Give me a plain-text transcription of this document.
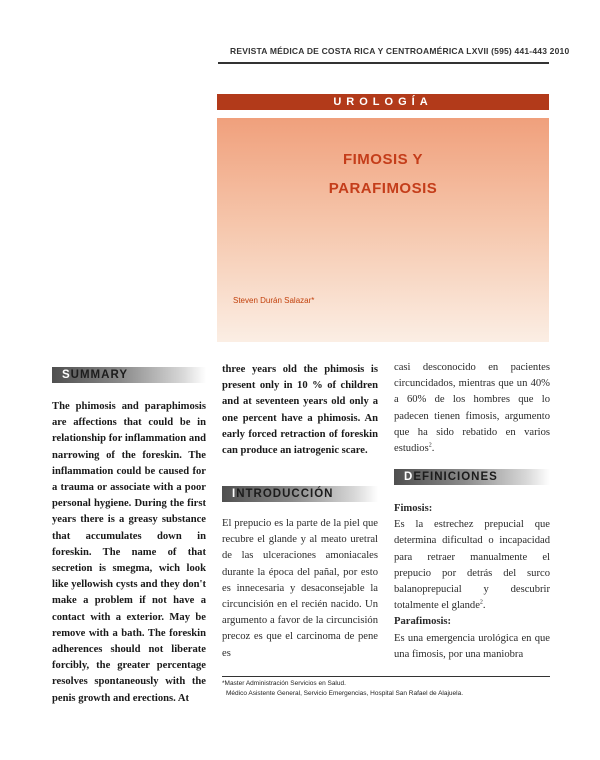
REVISTA MÉDICA DE COSTA RICA Y CENTROAMÉRICA LXVII (595) 441-443 2010
UROLOGÍA
FIMOSIS Y
PARAFIMOSIS
Steven Durán Salazar*
SUMMARY
The phimosis and paraphimosis are affections that could be in relationship for inflammation and narrowing of the foreskin. The inflammation could be caused for a trauma or associate with a poor personal hygiene. During the first years there is a greasy substance that accumulates down in foreskin. The name of that secretion is smegma, wich look like yellowish cysts and they don't make a problem if not have a contact with a exterior. May be remove with a bath. The foreskin adherences should not liberate forcibly, the greater percentage resolves spontaneously with the penis growth and erections. At
three years old the phimosis is present only in 10 % of children and at seventeen years old only a one percent have a phimosis. An early forced retraction of foreskin can produce an iatrogenic scare.
INTRODUCCIÓN
El prepucio es la parte de la piel que recubre el glande y al meato uretral de las ulceraciones amoniacales durante la época del pañal, por esto es innecesaria y desaconsejable la circuncisión en el recién nacido. Un argumento a favor de la circuncisión precoz es que el carcinoma de pene es
casi desconocido en pacientes circuncidados, mientras que un 40% a 60% de los hombres que lo padecen tienen fimosis, argumento que ha sido rebatido en varios estudios$^2$.
DEFINICIONES
Fimosis:
Es la estrechez prepucial que determina dificultad o incapacidad para retraer manualmente el prepucio por detrás del surco balanoprepucial y descubrir totalmente el glande$^2$.
Parafimosis:
Es una emergencia urológica en que una fimosis, por una maniobra
*Master Administración Servicios en Salud.
Médico Asistente General, Servicio Emergencias, Hospital San Rafael de Alajuela.
